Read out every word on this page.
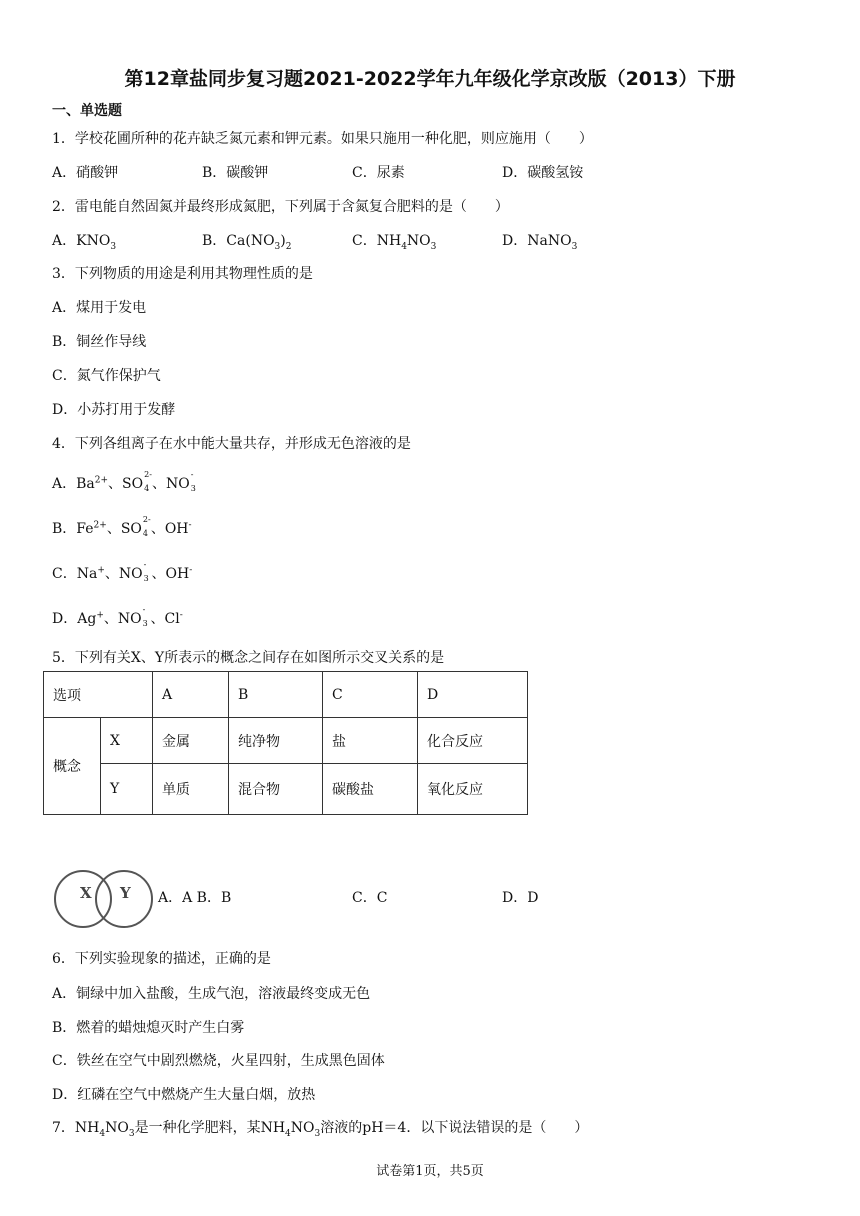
第12章盐同步复习题2021-2022学年九年级化学京改版（2013）下册
一、单选题
1．学校花圃所种的花卉缺乏氮元素和钾元素。如果只施用一种化肥，则应施用（　　）
A．硝酸钾	B．碳酸钾	C．尿素	D．碳酸氢铵
2．雷电能自然固氮并最终形成氮肥，下列属于含氮复合肥料的是（　　）
A．$KNO_3$	B．$Ca(NO_3)_2$	C．$NH_4NO_3$	D．NaNO$_3$
3．下列物质的用途是利用其物理性质的是
A．煤用于发电
B．铜丝作导线
C．氮气作保护气
D．小苏打用于发酵
4．下列各组离子在水中能大量共存，并形成无色溶液的是
A．$Ba^{2+}$、SO
2-
4
  、NO
-
3

B．$Fe^{2+}$、SO
2-
4
  、OH-
C．Na+、NO
-
3
  、OH-
D．Ag+、NO
-
3
  、Cl-
5．下列有关X、Y所表示的概念之间存在如图所示交叉关系的是
选项		A	B	C	D
概念	X	金属	纯净物	盐	化合反应
	Y	单质	混合物	碳酸盐	氧化反应
X Y A．A B．B	C．C	D．D
6．下列实验现象的描述，正确的是
A．铜绿中加入盐酸，生成气泡，溶液最终变成无色
B．燃着的蜡烛熄灭时产生白雾
C．铁丝在空气中剧烈燃烧，火星四射，生成黑色固体
D．红磷在空气中燃烧产生大量白烟，放热
7．$NH_4NO_3$是一种化学肥料，某$NH_4NO_3$溶液的pH＝4．以下说法错误的是（　　）
试卷第1页，共5页
